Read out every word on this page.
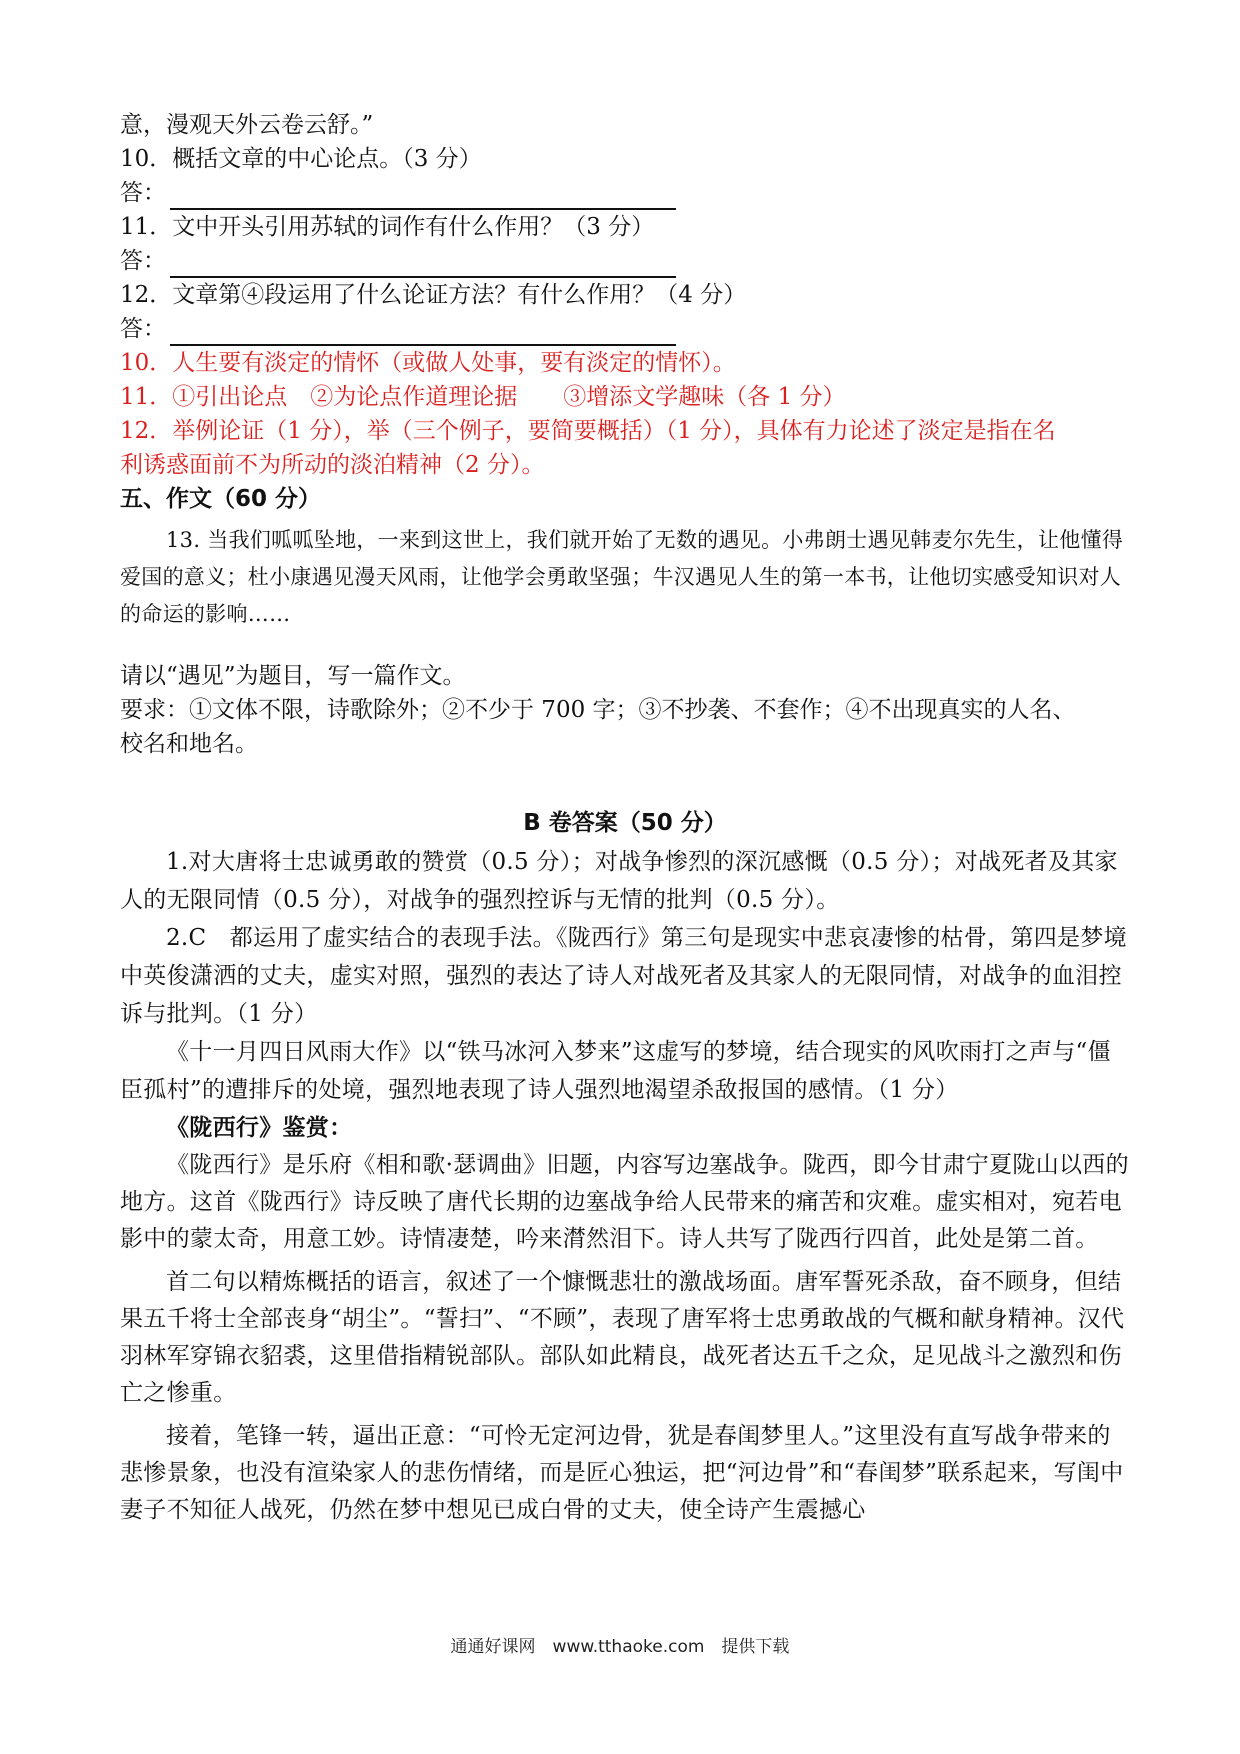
意，漫观天外云卷云舒。”
10．概括文章的中心论点。（3 分）
答：
11．文中开头引用苏轼的词作有什么作用？（3 分）
答：
12．文章第④段运用了什么论证方法？有什么作用？（4 分）
答：
10．人生要有淡定的情怀（或做人处事，要有淡定的情怀）。
11．①引出论点　②为论点作道理论据　　③增添文学趣味（各 1 分）
12．举例论证（1 分），举（三个例子，要简要概括）（1 分），具体有力论述了淡定是指在名
利诱惑面前不为所动的淡泊精神（2 分）。
五、作文（60 分）
13. 当我们呱呱坠地，一来到这世上，我们就开始了无数的遇见。小弗朗士遇见韩麦尔先生，让他懂得爱国的意义；杜小康遇见漫天风雨，让他学会勇敢坚强；牛汉遇见人生的第一本书，让他切实感受知识对人的命运的影响……
请以“遇见”为题目，写一篇作文。
要求：①文体不限，诗歌除外；②不少于 700 字；③不抄袭、不套作；④不出现真实的人名、
校名和地名。
B 卷答案（50 分）
1.对大唐将士忠诚勇敢的赞赏（0.5 分）；对战争惨烈的深沉感慨（0.5 分）；对战死者及其家人的无限同情（0.5 分），对战争的强烈控诉与无情的批判（0.5 分）。
2.C　都运用了虚实结合的表现手法。《陇西行》第三句是现实中悲哀凄惨的枯骨，第四是梦境中英俊潇洒的丈夫，虚实对照，强烈的表达了诗人对战死者及其家人的无限同情，对战争的血泪控诉与批判。（1 分）
《十一月四日风雨大作》以“铁马冰河入梦来”这虚写的梦境，结合现实的风吹雨打之声与“僵臣孤村”的遭排斥的处境，强烈地表现了诗人强烈地渴望杀敌报国的感情。（1 分）
《陇西行》鉴赏：
《陇西行》是乐府《相和歌·瑟调曲》旧题，内容写边塞战争。陇西，即今甘肃宁夏陇山以西的地方。这首《陇西行》诗反映了唐代长期的边塞战争给人民带来的痛苦和灾难。虚实相对，宛若电影中的蒙太奇，用意工妙。诗情凄楚，吟来潸然泪下。诗人共写了陇西行四首，此处是第二首。
首二句以精炼概括的语言，叙述了一个慷慨悲壮的激战场面。唐军誓死杀敌，奋不顾身，但结果五千将士全部丧身“胡尘”。“誓扫”、“不顾”，表现了唐军将士忠勇敢战的气概和献身精神。汉代羽林军穿锦衣貂裘，这里借指精锐部队。部队如此精良，战死者达五千之众，足见战斗之激烈和伤亡之惨重。
接着，笔锋一转，逼出正意：“可怜无定河边骨，犹是春闺梦里人。”这里没有直写战争带来的悲惨景象，也没有渲染家人的悲伤情绪，而是匠心独运，把“河边骨”和“春闺梦”联系起来，写闺中妻子不知征人战死，仍然在梦中想见已成白骨的丈夫，使全诗产生震撼心
通通好课网　www.tthaoke.com　提供下载
